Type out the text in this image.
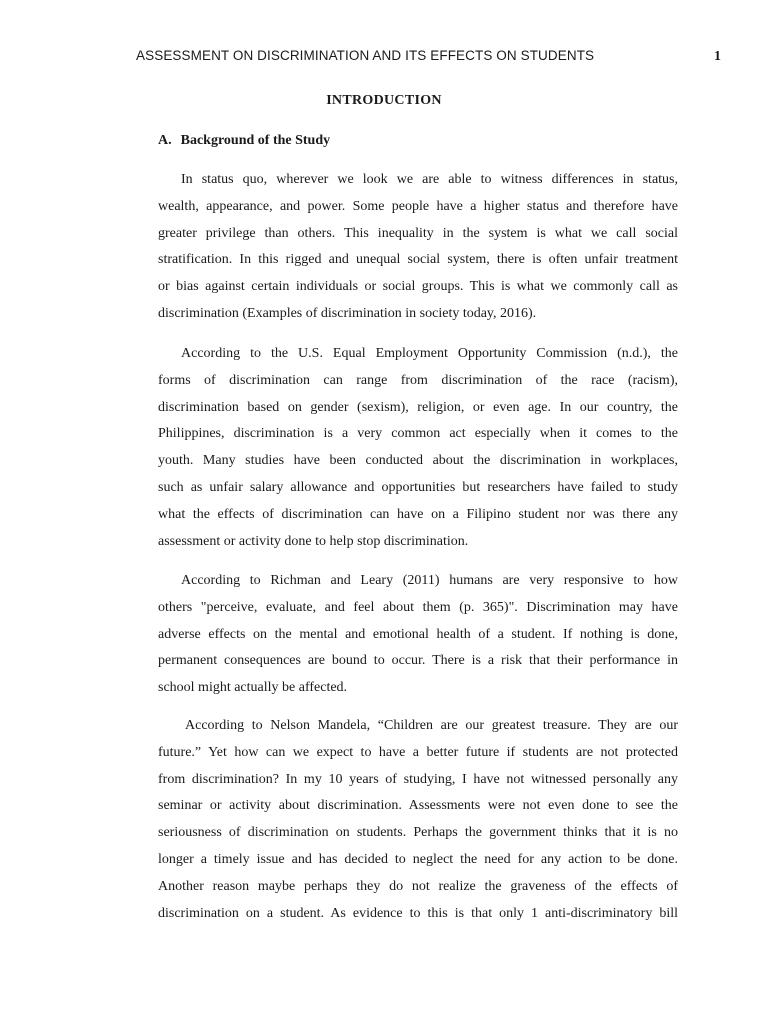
ASSESSMENT ON DISCRIMINATION AND ITS EFFECTS ON STUDENTS	1
INTRODUCTION
A. Background of the Study
In status quo, wherever we look we are able to witness differences in status,
wealth, appearance, and power. Some people have a higher status and therefore have
greater privilege than others. This inequality in the system is what we call social
stratification. In this rigged and unequal social system, there is often unfair treatment
or bias against certain individuals or social groups. This is what we commonly call as
discrimination (Examples of discrimination in society today, 2016).
According to the U.S. Equal Employment Opportunity Commission (n.d.), the
forms of discrimination can range from discrimination of the race (racism),
discrimination based on gender (sexism), religion, or even age. In our country, the
Philippines, discrimination is a very common act especially when it comes to the
youth. Many studies have been conducted about the discrimination in workplaces,
such as unfair salary allowance and opportunities but researchers have failed to study
what the effects of discrimination can have on a Filipino student nor was there any
assessment or activity done to help stop discrimination.
According to Richman and Leary (2011) humans are very responsive to how
others "perceive, evaluate, and feel about them (p. 365)". Discrimination may have
adverse effects on the mental and emotional health of a student. If nothing is done,
permanent consequences are bound to occur. There is a risk that their performance in
school might actually be affected.
According to Nelson Mandela, “Children are our greatest treasure. They are our
future.” Yet how can we expect to have a better future if students are not protected
from discrimination? In my 10 years of studying, I have not witnessed personally any
seminar or activity about discrimination. Assessments were not even done to see the
seriousness of discrimination on students. Perhaps the government thinks that it is no
longer a timely issue and has decided to neglect the need for any action to be done.
Another reason maybe perhaps they do not realize the graveness of the effects of
discrimination on a student. As evidence to this is that only 1 anti-discriminatory bill
